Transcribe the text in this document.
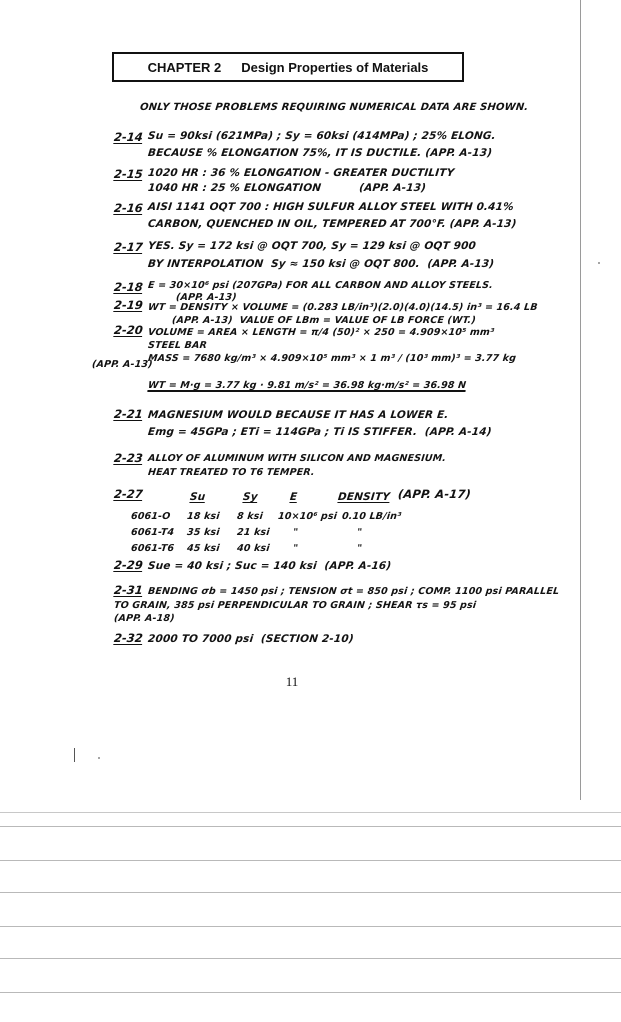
CHAPTER 2 Design Properties of Materials
ONLY THOSE PROBLEMS REQUIRING NUMERICAL DATA ARE SHOWN.
2-14 Su = 90ksi (621MPa) ; Sy = 60ksi (414MPa) ; 25% ELONG.
BECAUSE % ELONGATION 75%, IT IS DUCTILE. (APP. A-13)
2-15 1020 HR : 36 % ELONGATION - GREATER DUCTILITY
1040 HR : 25 % ELONGATION          (APP. A-13)
2-16 AISI 1141 OQT 700 : HIGH SULFUR ALLOY STEEL WITH 0.41%
CARBON, QUENCHED IN OIL, TEMPERED AT 700°F. (APP. A-13)
2-17 YES. Sy = 172 ksi @ OQT 700, Sy = 129 ksi @ OQT 900
BY INTERPOLATION  Sy ≈ 150 ksi @ OQT 800.  (APP. A-13)
2-18 E = 30×10⁶ psi (207GPa) FOR ALL CARBON AND ALLOY STEELS.
(APP. A-13)
2-19 WT = DENSITY × VOLUME = (0.283 LB/in³)(2.0)(4.0)(14.5) in³ = 16.4 LB
(APP. A-13)  VALUE OF LBm = VALUE OF LB FORCE (WT.)
2-20 VOLUME = AREA × LENGTH = π/4 (50)² × 250 = 4.909×10⁵ mm³
STEEL BAR
(APP. A-13)
MASS = 7680 kg/m³ × 4.909×10⁵ mm³ × 1 m³ / (10³ mm)³ = 3.77 kg
WT = M·g = 3.77 kg · 9.81 m/s² = 36.98 kg·m/s² = 36.98 N
2-21 MAGNESIUM WOULD BECAUSE IT HAS A LOWER E.
Emg = 45GPa ; ETi = 114GPa ; Ti IS STIFFER.  (APP. A-14)
2-23 ALLOY OF ALUMINUM WITH SILICON AND MAGNESIUM.
HEAT TREATED TO T6 TEMPER.
2-27	Su	Sy	E	DENSITY (APP. A-17)
6061-O 18 ksi 8 ksi 10×10⁶ psi 0.10 LB/in³
6061-T4 35 ksi 21 ksi "	"
6061-T6 45 ksi 40 ksi "	"
2-29 Sue = 40 ksi ; Suc = 140 ksi  (APP. A-16)
2-31 BENDING σb = 1450 psi ; TENSION σt = 850 psi ; COMP. 1100 psi PARALLEL
TO GRAIN, 385 psi PERPENDICULAR TO GRAIN ; SHEAR τs = 95 psi
(APP. A-18)
2-32 2000 TO 7000 psi  (SECTION 2-10)
11
